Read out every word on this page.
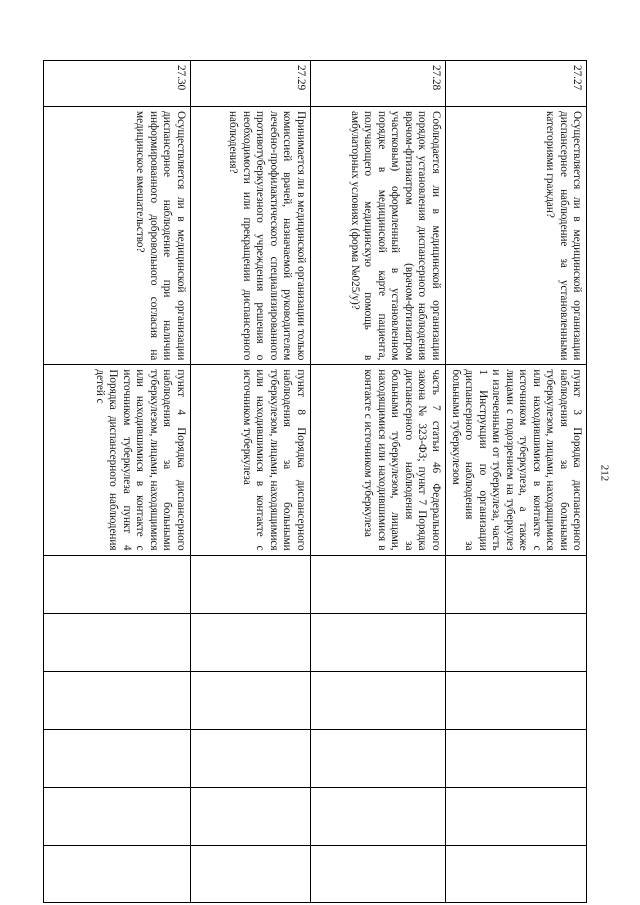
212
27.27	Осуществляется ли в медицинской организации диспансерное наблюдение за установленными категориями граждан?	пункт 3 Порядка диспансерного наблюдения за больными туберкулезом, лицами, находящимися или находившимися в контакте с источником туберкулеза, а также лицами с подозрением на туберкулез и излеченными от туберкулеза, часть 1 Инструкции по организации диспансерного наблюдения за больными туберкулезом						
27.28	Соблюдается ли в медицинской организации порядок установления диспансерного наблюдения врачом-фтизиатром (врачом-фтизиатром участковым) оформленный в установленном порядке в медицинской карте пациента, получающего медицинскую помощь в амбулаторных условиях (форма №025/у)?	часть 7 статьи 46 Федерального закона № 323-ФЗ; пункт 7 Порядка диспансерного наблюдения за больными туберкулезом, лицами, находящимися или находившимися в контакте с источником туберкулеза						
27.29	Принимается ли в медицинской организации только комиссией врачей, назначаемой руководителем лечебно-профилактического специализированного противотуберкулезного учреждения решения о необходимости или прекращении диспансерного наблюдения?	пункт 8 Порядка диспансерного наблюдения за больными туберкулезом, лицами, находящимися или находившимися в контакте с источником туберкулеза						
27.30	Осуществляется ли в медицинской организации диспансерное наблюдение при наличии информированного добровольного согласия на медицинское вмешательство?	пункт 4 Порядка диспансерного наблюдения за больными туберкулезом, лицами, находящимися или находившимися в контакте с источником туберкулеза пункт 4 Порядка диспансерного наблюдения детей с						
